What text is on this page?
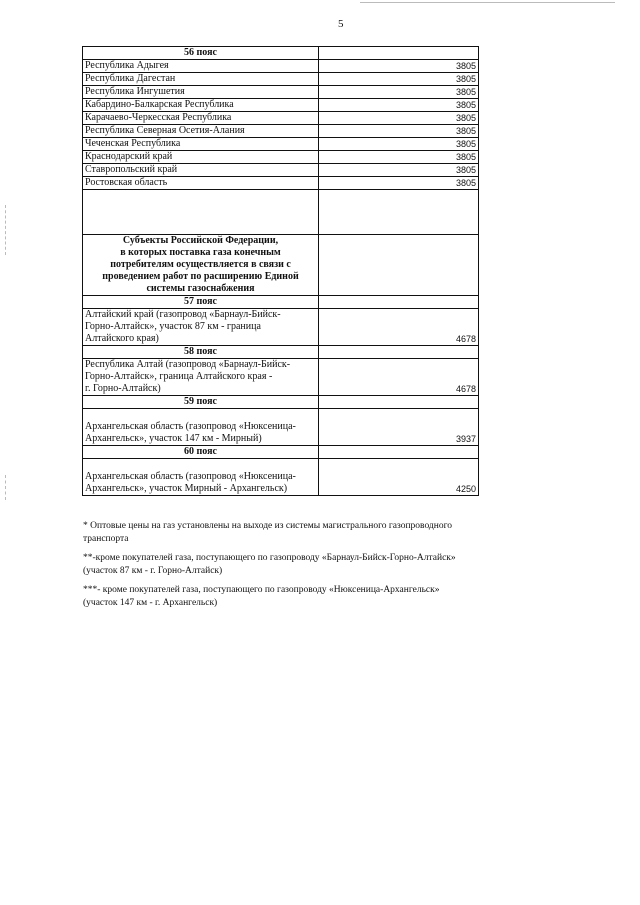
5
56 пояс	
Республика Адыгея	3805
Республика Дагестан	3805
Республика Ингушетия	3805
Кабардино-Балкарская Республика	3805
Карачаево-Черкесская Республика	3805
Республика Северная Осетия-Алания	3805
Чеченская Республика	3805
Краснодарский край	3805
Ставропольский край	3805
Ростовская область	3805

Субъекты Российской Федерации,
в которых поставка газа конечным
потребителям осуществляется в связи с
проведением работ по расширению Единой
системы газоснабжения	

57 пояс	

Алтайский край (газопровод «Барнаул-Бийск-
Горно-Алтайск», участок 87 км - граница
Алтайского края)	4678
58 пояс	

Республика Алтай (газопровод «Барнаул-Бийск-
Горно-Алтайск», граница Алтайского края -
г. Горно-Алтайск)	4678
59 пояс	

Архангельская область (газопровод «Нюксеница-
Архангельск», участок 147 км - Мирный)	3937
60 пояс	

Архангельская область (газопровод «Нюксеница-
Архангельск», участок Мирный - Архангельск)	4250

* Оптовые цены на газ установлены на выходе из системы магистрального газопроводного
транспорта

**-кроме покупателей газа, поступающего по газопроводу «Барнаул-Бийск-Горно-Алтайск»
(участок 87 км - г. Горно-Алтайск)

***- кроме покупателей газа, поступающего по газопроводу «Нюксеница-Архангельск»
(участок 147 км - г. Архангельск)
